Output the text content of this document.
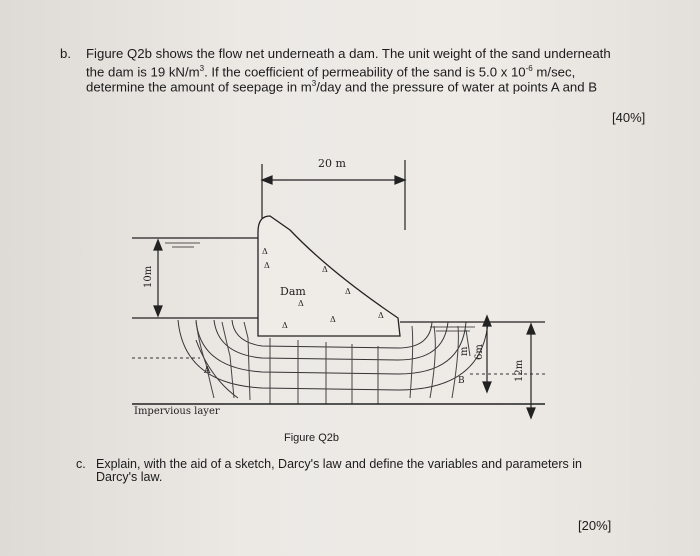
b. Figure Q2b shows the flow net underneath a dam. The unit weight of the sand underneath
the dam is 19 $kN/m^3$. If the coefficient of permeability of the sand is 5.0 x $10^{-6}$ m/sec,
determine the amount of seepage in $m^3$/day and the pressure of water at points A and B
[40%]
20 m
10m
Dam
Δ
Δ
Δ
Δ
Δ
Δ	Δ
Δ
Impervious layer
A
B
6m
12m
m
Figure Q2b
c. Explain, with the aid of a sketch, Darcy's law and define the variables and parameters in
Darcy's law.
[20%]
